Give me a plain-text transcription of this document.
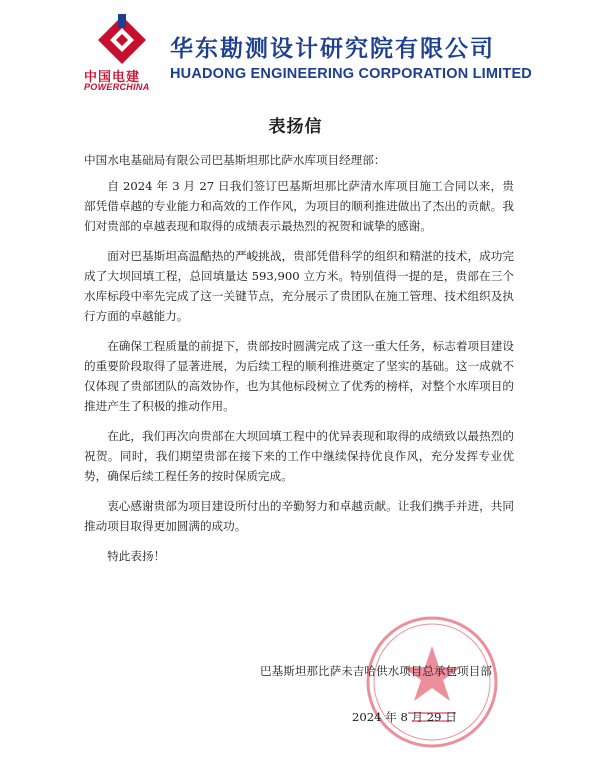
中国电建
POWERCHINA
华东勘测设计研究院有限公司
HUADONG ENGINEERING CORPORATION LIMITED
表扬信

中国水电基础局有限公司巴基斯坦那比萨水库项目经理部：

自 2024 年 3 月 27 日我们签订巴基斯坦那比萨清水库项目施工合同以来，贵部凭借卓越的专业能力和高效的工作作风，为项目的顺利推进做出了杰出的贡献。我们对贵部的卓越表现和取得的成绩表示最热烈的祝贺和诚挚的感谢。

面对巴基斯坦高温酷热的严峻挑战，贵部凭借科学的组织和精湛的技术，成功完成了大坝回填工程，总回填量达 593,900 立方米。特别值得一提的是，贵部在三个水库标段中率先完成了这一关键节点，充分展示了贵团队在施工管理、技术组织及执行方面的卓越能力。

在确保工程质量的前提下，贵部按时圆满完成了这一重大任务，标志着项目建设的重要阶段取得了显著进展，为后续工程的顺利推进奠定了坚实的基础。这一成就不仅体现了贵部团队的高效协作，也为其他标段树立了优秀的榜样，对整个水库项目的推进产生了积极的推动作用。

在此，我们再次向贵部在大坝回填工程中的优异表现和取得的成绩致以最热烈的祝贺。同时，我们期望贵部在接下来的工作中继续保持优良作风，充分发挥专业优势，确保后续工程任务的按时保质完成。

衷心感谢贵部为项目建设所付出的辛勤努力和卓越贡献。让我们携手并进，共同推动项目取得更加圆满的成功。

特此表扬！

巴基斯坦那比萨未吉哈供水项目总承包项目部
2024 年 8 月 29 日
